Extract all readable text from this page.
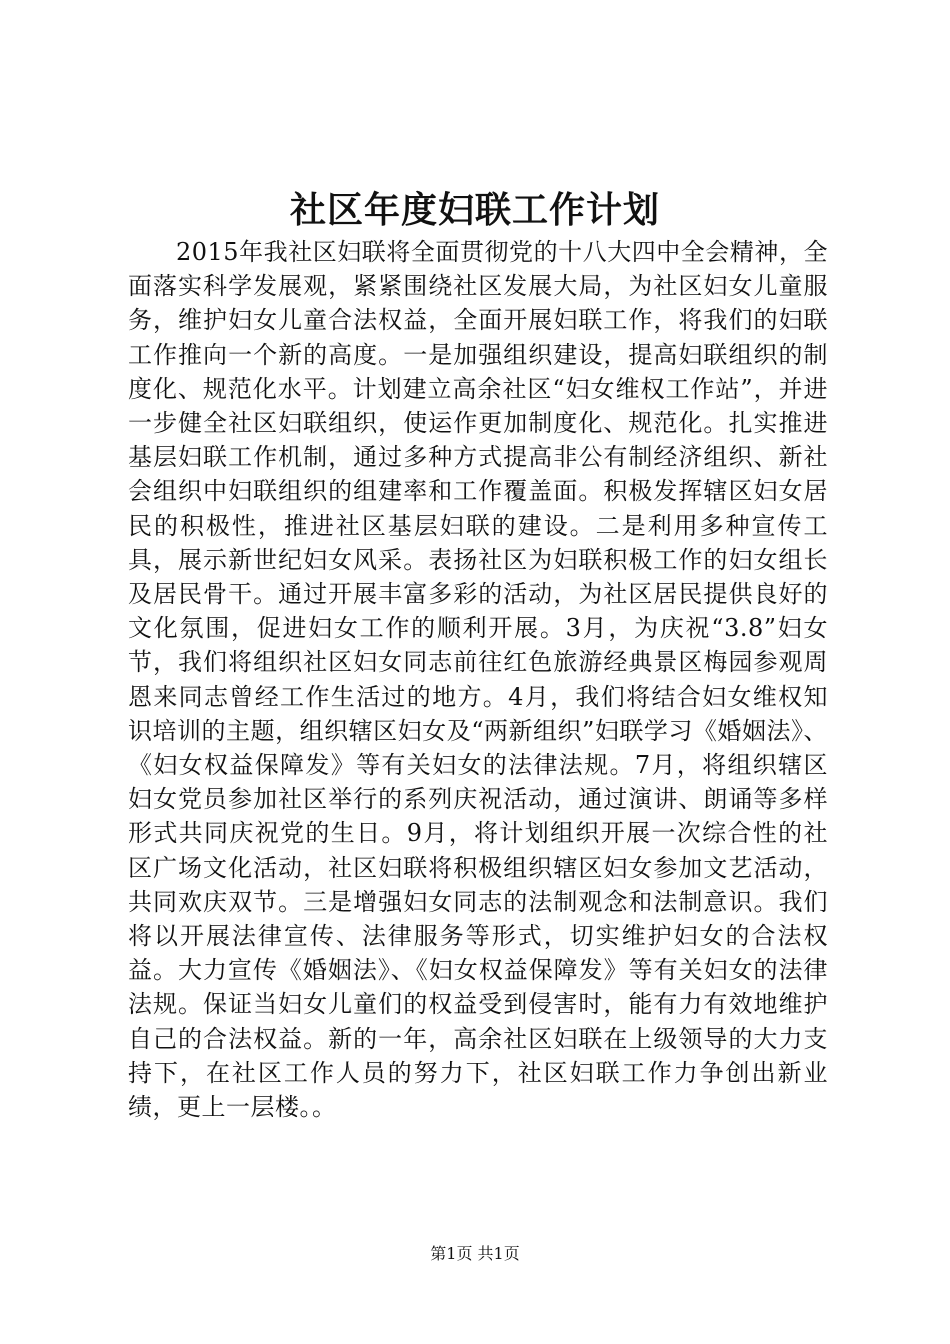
社区年度妇联工作计划

2015年我社区妇联将全面贯彻党的十八大四中全会精神，全面落实科学发展观，紧紧围绕社区发展大局，为社区妇女儿童服务，维护妇女儿童合法权益，全面开展妇联工作，将我们的妇联工作推向一个新的高度。一是加强组织建设，提高妇联组织的制度化、规范化水平。计划建立高余社区“妇女维权工作站”，并进一步健全社区妇联组织，使运作更加制度化、规范化。扎实推进基层妇联工作机制，通过多种方式提高非公有制经济组织、新社会组织中妇联组织的组建率和工作覆盖面。积极发挥辖区妇女居民的积极性，推进社区基层妇联的建设。二是利用多种宣传工具，展示新世纪妇女风采。表扬社区为妇联积极工作的妇女组长及居民骨干。通过开展丰富多彩的活动，为社区居民提供良好的文化氛围，促进妇女工作的顺利开展。3月，为庆祝“3.8”妇女节，我们将组织社区妇女同志前往红色旅游经典景区梅园参观周恩来同志曾经工作生活过的地方。4月，我们将结合妇女维权知识培训的主题，组织辖区妇女及“两新组织”妇联学习《婚姻法》、《妇女权益保障发》等有关妇女的法律法规。7月，将组织辖区妇女党员参加社区举行的系列庆祝活动，通过演讲、朗诵等多样形式共同庆祝党的生日。9月，将计划组织开展一次综合性的社区广场文化活动，社区妇联将积极组织辖区妇女参加文艺活动，共同欢庆双节。三是增强妇女同志的法制观念和法制意识。我们将以开展法律宣传、法律服务等形式，切实维护妇女的合法权益。大力宣传《婚姻法》、《妇女权益保障发》等有关妇女的法律法规。保证当妇女儿童们的权益受到侵害时，能有力有效地维护自己的合法权益。新的一年，高余社区妇联在上级领导的大力支持下，在社区工作人员的努力下，社区妇联工作力争创出新业绩，更上一层楼。。

第1页 共1页
